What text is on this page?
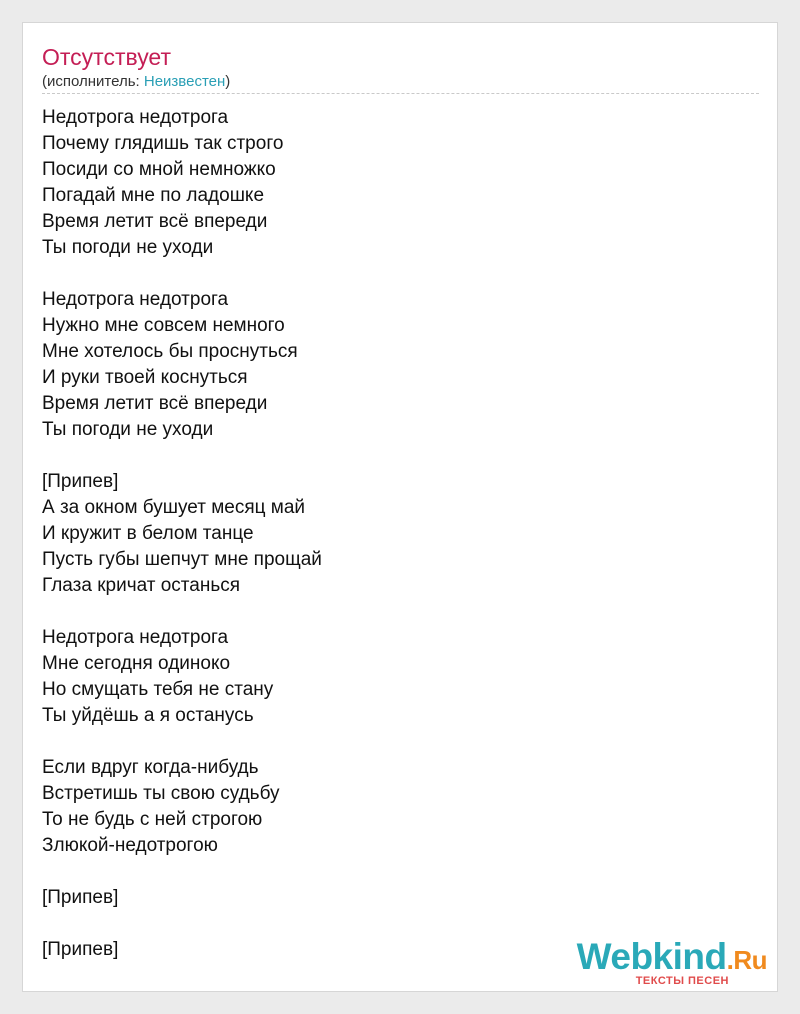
Отсутствует
(исполнитель: Неизвестен)
Недотрога недотрога
Почему глядишь так строго
Посиди со мной немножко
Погадай мне по ладошке
Время летит всё впереди
Ты погоди не уходи
Недотрога недотрога
Нужно мне совсем немного
Мне хотелось бы проснуться
И руки твоей коснуться
Время летит всё впереди
Ты погоди не уходи
[Припев]
А за окном бушует месяц май
И кружит в белом танце
Пусть губы шепчут мне прощай
Глаза кричат останься
Недотрога недотрога
Мне сегодня одиноко
Но смущать тебя не стану
Ты уйдёшь а я останусь
Если вдруг когда-нибудь
Встретишь ты свою судьбу
То не будь с ней строгою
Злюкой-недотрогою
[Припев]
[Припев]	Webkind.Ru
ТЕКСТЫ ПЕСЕН
